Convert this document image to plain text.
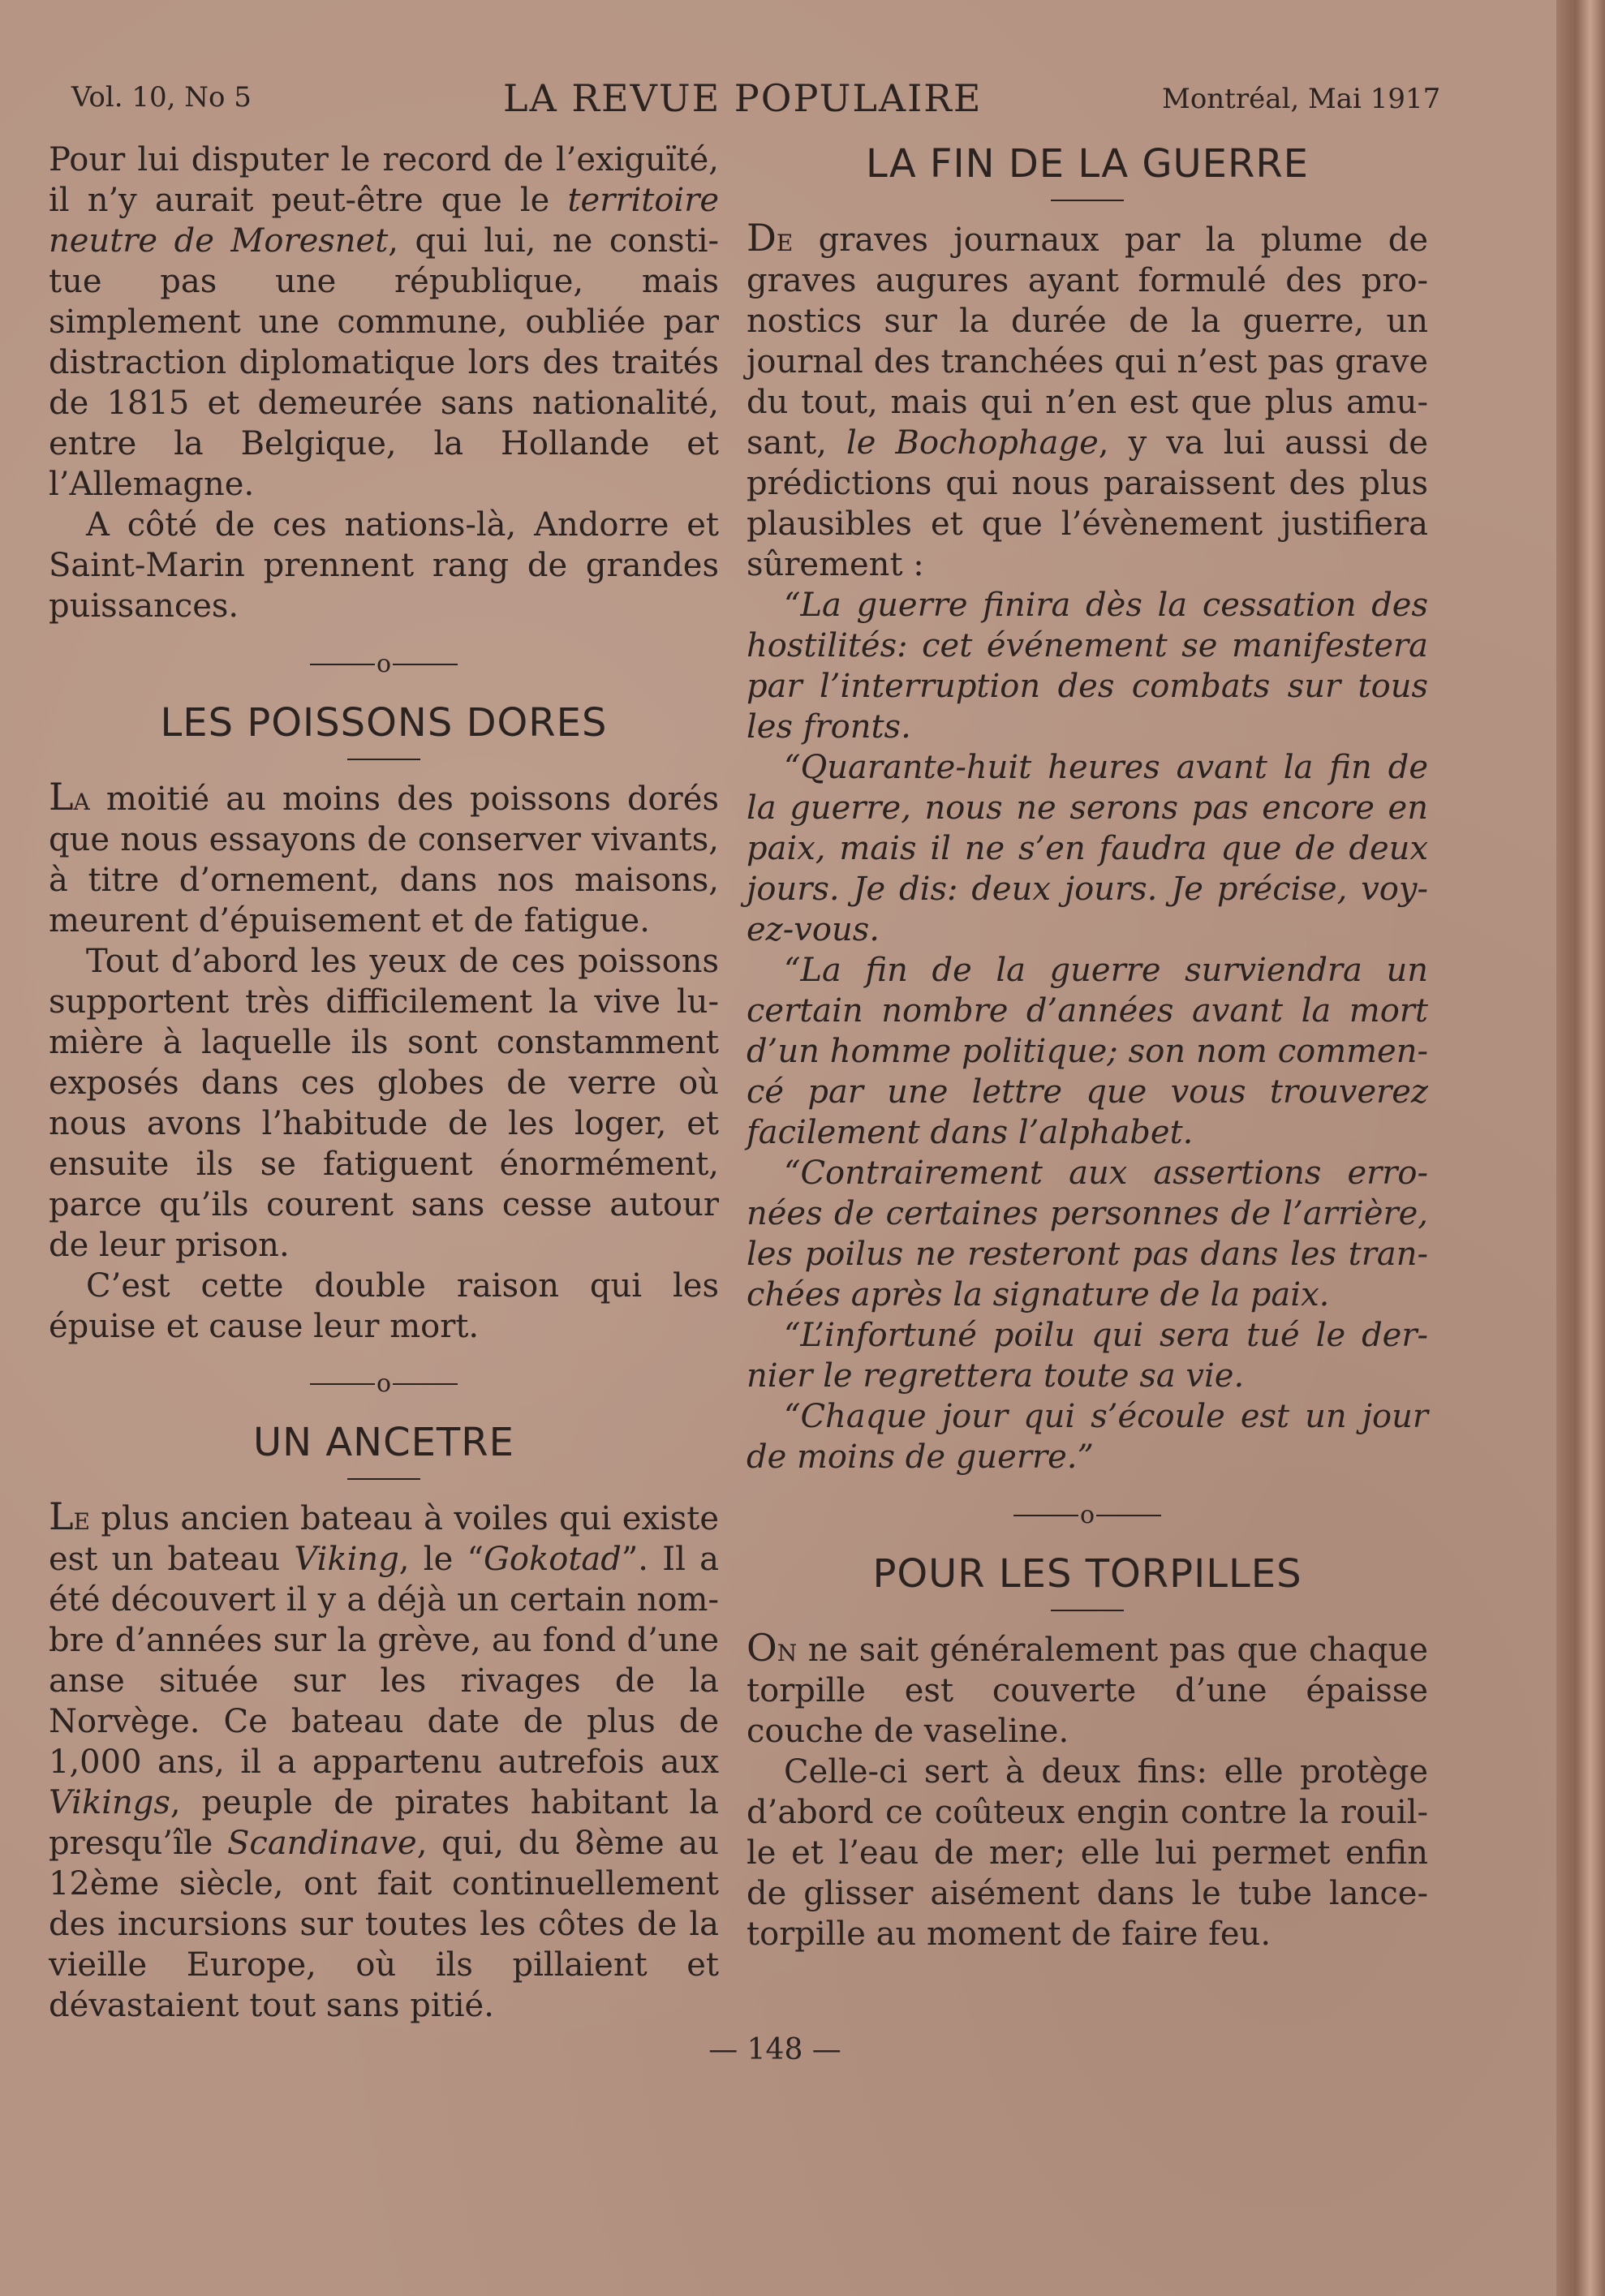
Vol. 10, No 5	LA REVUE POPULAIRE	Montréal, Mai 1917

Pour lui disputer le record de l’exiguïté, il n’y aurait peut-être que le territoire neutre de Moresnet, qui lui, ne constitue pas une république, mais simplement une commune, oubliée par distraction diplomatique lors des traités de 1815 et demeurée sans nationalité, entre la Belgique, la Hollande et l’Allemagne.

A côté de ces nations-là, Andorre et Saint-Marin prennent rang de grandes puissances.

o
LES POISSONS DORES

La moitié au moins des poissons dorés que nous essayons de conserver vivants, à titre d’ornement, dans nos maisons, meurent d’épuisement et de fatigue.

Tout d’abord les yeux de ces poissons supportent très difficilement la vive lumière à laquelle ils sont constamment exposés dans ces globes de verre où nous avons l’habitude de les loger, et ensuite ils se fatiguent énormément, parce qu’ils courent sans cesse autour de leur prison.

C’est cette double raison qui les épuise et cause leur mort.

o
UN ANCETRE

Le plus ancien bateau à voiles qui existe est un bateau Viking, le “Gokotad”. Il a été découvert il y a déjà un certain nombre d’années sur la grève, au fond d’une anse située sur les rivages de la Norvège. Ce bateau date de plus de 1,000 ans, il a appartenu autrefois aux Vikings, peuple de pirates habitant la presqu’île Scandinave, qui, du 8ème au 12ème siècle, ont fait continuellement des incursions sur toutes les côtes de la vieille Europe, où ils pillaient et dévastaient tout sans pitié.

LA FIN DE LA GUERRE

De graves journaux par la plume de graves augures ayant formulé des pronostics sur la durée de la guerre, un journal des tranchées qui n’est pas grave du tout, mais qui n’en est que plus amusant, le Bochophage, y va lui aussi de prédictions qui nous paraissent des plus plausibles et que l’évènement justifiera sûrement :

“La guerre finira dès la cessation des hostilités: cet événement se manifestera par l’interruption des combats sur tous les fronts.

“Quarante-huit heures avant la fin de la guerre, nous ne serons pas encore en paix, mais il ne s’en faudra que de deux jours. Je dis: deux jours. Je précise, voyez-vous.

“La fin de la guerre surviendra un certain nombre d’années avant la mort d’un homme politique; son nom commencé par une lettre que vous trouverez facilement dans l’alphabet.

“Contrairement aux assertions erronées de certaines personnes de l’arrière, les poilus ne resteront pas dans les tranchées après la signature de la paix.

“L’infortuné poilu qui sera tué le dernier le regrettera toute sa vie.

“Chaque jour qui s’écoule est un jour de moins de guerre.”

o
POUR LES TORPILLES

On ne sait généralement pas que chaque torpille est couverte d’une épaisse couche de vaseline.

Celle-ci sert à deux fins: elle protège d’abord ce coûteux engin contre la rouille et l’eau de mer; elle lui permet enfin de glisser aisément dans le tube lance-torpille au moment de faire feu.

— 148 —
